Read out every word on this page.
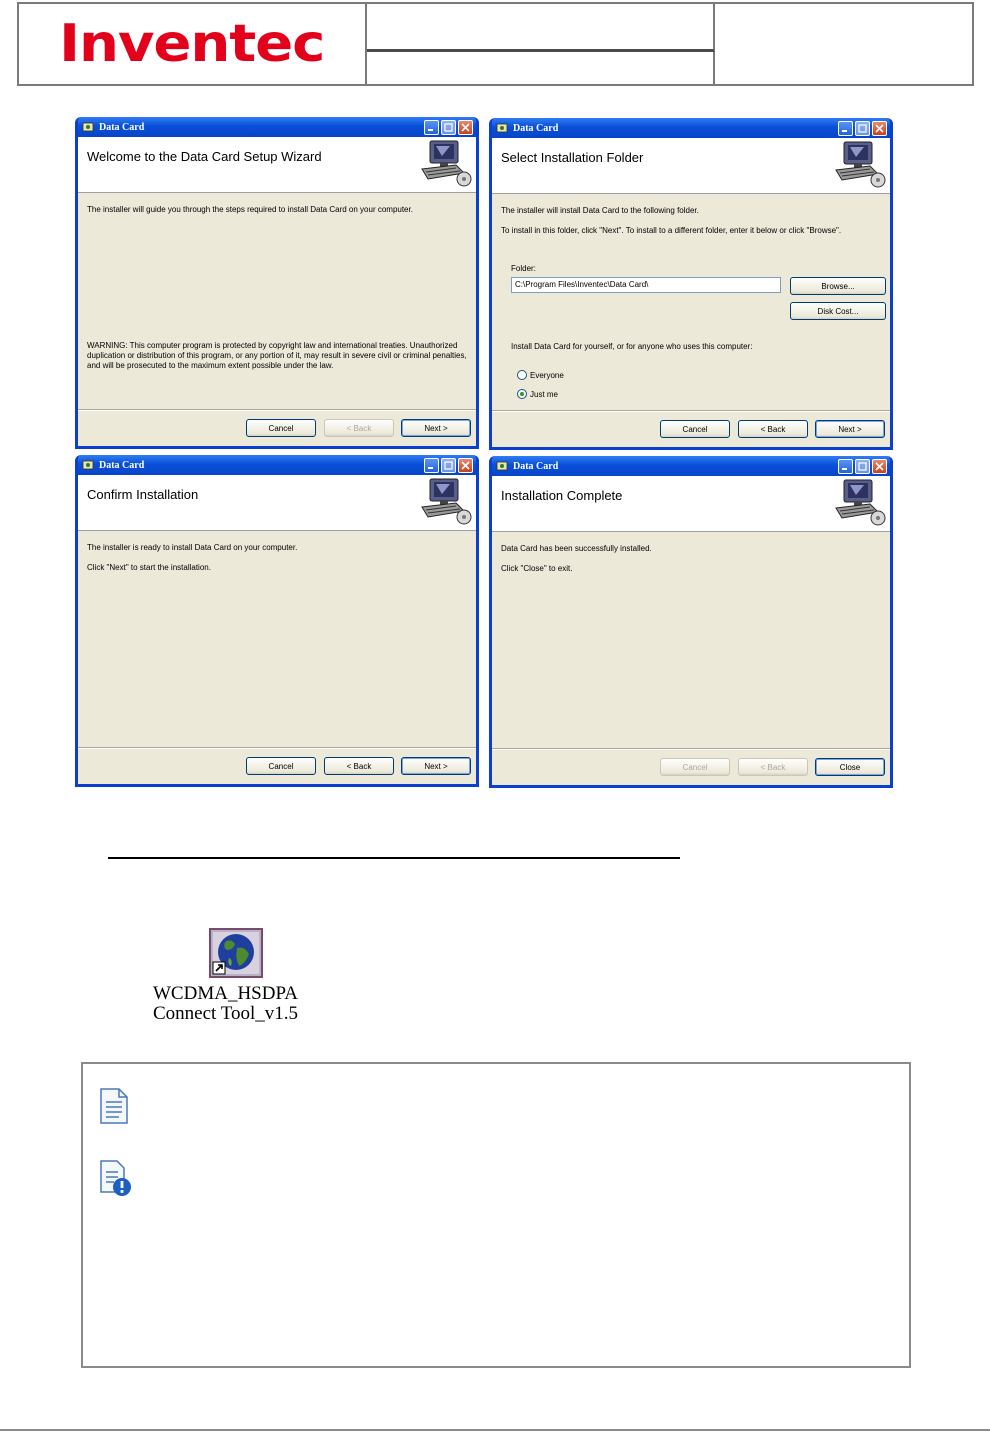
Inventec
Data Card
Welcome to the Data Card Setup Wizard

The installer will guide you through the steps required to install Data Card on your computer.

WARNING: This computer program is protected by copyright law and international treaties. Unauthorized duplication or distribution of this program, or any portion of it, may result in severe civil or criminal penalties, and will be prosecuted to the maximum extent possible under the law.
Cancel	< Back	Next >
Data Card
Select Installation Folder

The installer will install Data Card to the following folder.

To install in this folder, click "Next". To install to a different folder, enter it below or click "Browse".

Folder:
C:\Program Files\Inventec\Data Card\	Browse...
Disk Cost...
Install Data Card for yourself, or for anyone who uses this computer:
Everyone
Just me
Cancel	< Back	Next >
Data Card
Confirm Installation

The installer is ready to install Data Card on your computer.

Click "Next" to start the installation.

Cancel	< Back	Next >
Data Card
Installation Complete

Data Card has been successfully installed.

Click "Close" to exit.

Cancel	< Back	Close
WCDMA_HSDPA
Connect Tool_v1.5
